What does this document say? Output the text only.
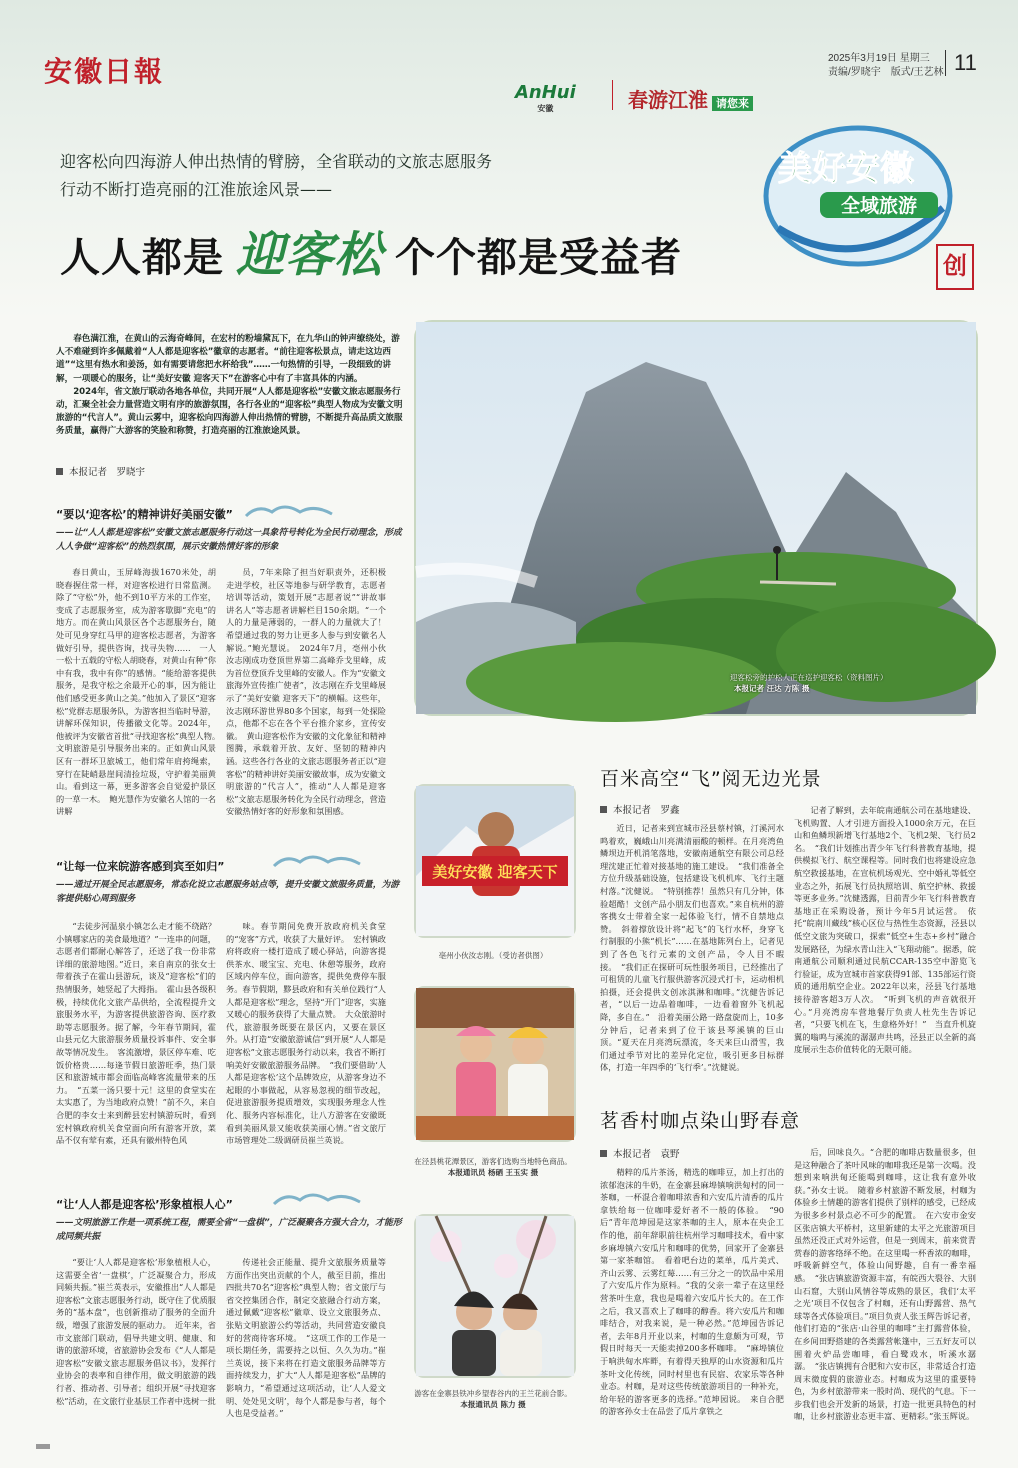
安徽日報	2025年3月19日 星期三
责编/罗晓宇　版式/王艺林 11
AnHui
安徽	春游江淮 请您来
美好安徽
全域旅游
创
迎客松向四海游人伸出热情的臂膀，全省联动的文旅志愿服务
行动不断打造亮丽的江淮旅途风景——
人人都是 迎客松 个个都是受益者

春色满江淮，在黄山的云海奇峰间，在宏村的粉墙黛瓦下，在九华山的钟声缭绕处，游人不难碰到许多佩戴着“人人都是迎客松”徽章的志愿者。“前往迎客松景点，请走这边西道”“这里有热水和姜汤，如有需要请您把水杯给我”……一句热情的引导，一段细致的讲解，一项暖心的服务，让“美好安徽 迎客天下”在游客心中有了丰富具体的内涵。

2024年，省文旅厅联动各地各单位，共同开展“人人都是迎客松”安徽文旅志愿服务行动，汇聚全社会力量营造文明有序的旅游氛围，各行各业的“迎客松”典型人物成为安徽文明旅游的“代言人”。黄山云雾中，迎客松向四海游人伸出热情的臂膀，不断提升高品质文旅服务质量，赢得广大游客的笑脸和称赞，打造亮丽的江淮旅途风景。

本报记者　罗晓宇
“要以‘迎客松’的精神讲好美丽安徽”
——让“人人都是迎客松”安徽文旅志愿服务行动这一具象符号转化为全民行动理念，形成人人争做“迎客松”的热烈氛围，展示安徽热情好客的形象
春日黄山，玉屏峰海拔1670米处，胡晓春握住常一样，对迎客松进行日常监测。除了“守松”外，他不到10平方米的工作室，变成了志愿服务室，成为游客歇脚“充电”的地方。而在黄山风景区各个志愿服务台，随处可见身穿红马甲的迎客松志愿者，为游客做好引导，提供咨询，找寻失物……　一人一松十五载的守松人胡晓春，对黄山有种“你中有我，我中有你”的感情。“能给游客提供服务，是我守松之余最开心的事，因为能让他们感受更多黄山之美。”他加入了景区“迎客松”党群志愿服务队，为游客担当临时导游，讲解环保知识，传播徽文化等。2024年，他被评为安徽省首批“寻找迎客松”典型人物。　文明旅游是引导服务出来的。正如黄山风景区有一群坏卫旅城工，他们常年肩挎绳索，穿行在陡峭悬崖间清捡垃圾，守护着美丽黄山。看到这一幕，更多游客会自觉爱护景区的一草一木。　鲍光慧作为安徽名人馆的一名讲解
员，7年来除了担当好职责外，还积极走进学校，社区等地参与研学教育，志愿者培训等活动，策划开展“志愿者说”“讲故事 讲名人”等志愿者讲解栏目150余期。“一个人的力量是薄弱的，一群人的力量就大了！希望通过我的努力让更多人参与到安徽名人解说。”鲍光慧说。　2024年7月，亳州小伙汝志刚成功登顶世界第二高峰乔戈里峰，成为首位登顶乔戈里峰的安徽人。作为“安徽文旅海外宣传推广使者”，汝志刚在乔戈里峰展示了“美好安徽 迎客天下”的横幅。这些年，汝志刚环游世界80多个国家，每到一处探险点，他都不忘在各个平台推介家乡，宣传安徽。　黄山迎客松作为安徽的文化象征和精神图腾，承载着开放、友好、坚韧的精神内涵。这些各行各业的文旅志愿服务者正以“迎客松”的精神讲好美丽安徽故事，成为安徽文明旅游的“代言人”，推动“人人都是迎客松”文旅志愿服务转化为全民行动理念，营造安徽热情好客的好形象和氛围感。
“让每一位来皖游客感到宾至如归”
——通过开展全民志愿服务，常态化设立志愿服务站点等，提升安徽文旅服务质量，为游客提供贴心周到服务
“去徒步河温泉小镇怎么走才能不绕路？小镇哪家店的美食最地道？”一连串的问题，志愿者们都耐心解答了，还送了我一份非常详细的旅游地图。”近日，来自南京的张女士带着孩子在霍山县游玩，谈及“迎客松”们的热情服务，她竖起了大拇指。　霍山县各级积极，持续优化文旅产品供给，全流程提升文旅服务水平，为游客提供旅游咨询、医疗救助等志愿服务。据了解，今年春节期间，霍山县元亿大旅游服务质量投诉事件、安全事故等情况发生。　客流激增，景区停车难、吃饭价格贵……每逢节假日旅游旺季，热门景区和旅游城市都会面临高峰客流量带来的压力。　“五菜一汤只要十元！这里的食堂实在太实惠了，为当地政府点赞！”前不久，来自合肥的李女士来到醉县宏村镇游玩时，看到宏村镇政府机关食堂面向所有游客开放，菜品不仅有荤有素，还具有徽州特色风
味。春节期间免费开放政府机关食堂的“宠客”方式，收获了大量好评。　宏村镇政府将政府一楼打造成了暖心驿站，向游客提供茶水、暖宝宝、充电、休憩等服务，政府区域内停车位，面向游客，提供免费停车服务。春节假期，黟县政府和有关单位践行“人人都是迎客松”理念，坚持“开门”迎客，实施又暖心的服务获得了大量点赞。　大众旅游时代，旅游服务既要在景区内，又要在景区外。从打造“安徽旅游诚信”到开展“人人都是迎客松”文旅志愿服务行动以来，我省不断打响美好安徽旅游服务品牌。　“我们要借助‘人人都是迎客松’这个品牌效应，从游客身边不起眼的小事做起，从容易忽视的细节改起，促进旅游服务提质增效，实现服务理念人性化、服务内容标准化，让八方游客在安徽既看到美丽风景又能收获美丽心情。”省文旅厅市场管理处二级调研员崔兰英说。
“让‘人人都是迎客松’形象植根人心”
——文明旅游工作是一项系统工程，需要全省“一盘棋”，广泛凝聚各方强大合力，才能形成同频共振
“要让‘人人都是迎客松’形象植根人心，这需要全省‘一盘棋’，广泛凝聚合力，形成同频共振。”崔兰英表示，安徽推出“人人都是迎客松”文旅志愿服务行动，既守住了优质服务的“基本盘”，也创新推动了服务的全面升级，增强了旅游发展的驱动力。　近年来，省市文旅部门联动，倡导共建文明、健康、和谐的旅游环境，省旅游协会发布《“人人都是迎客松”安徽文旅志愿服务倡议书》，发挥行业协会的表率和自律作用，做文明旅游的践行者、推动者、引导者；组织开展“寻找迎客松”活动，在文旅行业基层工作者中选树一批
传递社会正能量、提升文旅服务质量等方面作出突出贡献的个人，截至目前，推出四批共70名“迎客松”典型人物；省文旅厅与省交控集团合作，制定交旅融合行动方案，通过佩戴“迎客松”徽章、设立文旅服务点、张贴文明旅游公约等活动，共同营造安徽良好的营商待客环境。　“这项工作的工作是一项长期任务，需要持之以恒、久久为功。”崔兰英说，接下来将在打造文旅服务品牌等方面持续发力，扩大“人人都是迎客松”品牌的影响力，“希望通过这项活动，让‘人人爱文明、处处见文明’，每个人都是参与者，每个人也是受益者。”
迎客松旁的护松人正在巡护迎客松（资料图片）本报记者 汪达 方陈 摄
美好安徽 迎客天下
亳州小伙汝志刚。（受访者供图）
在泾县桃花潭景区，游客们选购当地特色商品。
本报通讯员 杨硒 王玉实 摄
游客在金寨县铁冲乡望春谷内的王兰花前合影。
本报通讯员 陈力 摄
百米高空“飞”阅无边光景
本报记者　罗鑫
近日，记者来到宣城市泾县蔡村镇，汀溪河水鸣着欢，巍峨山川亮满清丽酸的顿样。在月亮湾鱼鳞坝边开机消笔落地，安徽南通航空有限公司总经理沈建正忙着对接基地的施工建设。　“我们准备全方位升级基础设施，包括建设飞机机库、飞行主题村落。”沈健说。　“特别推荐！虽然只有几分钟，体验超酷！文创产品小朋友们也喜欢。”来自杭州的游客携女士带着全家一起体验飞行，情不自禁地点赞。　斜着撑放设计将“起飞”的飞行水杯，身穿飞行制服的小熊“机长”……在基地陈列台上，记者见到了各色飞行元素的文创产品，令人目不暇接。　“我们正在探研可玩性服务项目，已经推出了可租赁的儿童飞行服供游客沉浸式打卡，运动相机拍摄，还会提供文创冰淇淋和咖啡。”沈健告诉记者，“以后一边品着咖啡，一边看着窗外飞机起降，多自在。”　沿着美丽公路一路盘旋而上，10多分钟后，记者来到了位于该县琴溪镇的巨山顶。“夏天在月亮湾玩漂流，冬天来巨山滑雪，我们通过季节对比的差异化定位，吸引更多目标群体，打造一年四季的‘飞行季’。”沈健说。
记者了解到，去年皖南通航公司在基地建设、飞机购置、人才引进方面投入1000余万元，在巨山和鱼鳞坝新增飞行基地2个、飞机2架、飞行员2名。　“我们计划推出青少年飞行科普教育基地，提供模拟飞行、航空课程等。同时我们也将建设应急航空救援基地，在宣杭机场观光、空中婚礼等低空业态之外，拓展飞行员执照培训、航空护林、救援等更多业务。”沈健透露，目前青少年飞行科普教育基地正在采购设备，预计今年5月试运营。　依托“皖南川藏线”核心区位与热性生态资源，泾县以低空文旅为突破口，探索“低空+生态+乡村”融合发展路径，为绿水青山注入“飞翔动能”。据悉，皖南通航公司顺利通过民航CCAR-135空中游览飞行验证，成为宣城市首家获得91部、135部运行资质的通用航空企业。2022年以来，泾县飞行基地接待游客超3万人次。　“听到飞机的声音就很开心。”月亮湾房车营地餐厅负责人杜先生告诉记者，“只要飞机在飞，生意格外好！”　当直升机旋翼的嗡鸣与溪流的潺潺声共鸣，泾县正以全新的高度展示生态价值转化的无限可能。
茗香村咖点染山野春意
本报记者　袁野
精粹的瓜片茶汤，精选的咖啡豆，加上打出的浓郁泡沫的牛奶，在金寨县麻埠镇响洪甸村的同一茶咖，一杯混合着咖啡浓香和六安瓜片清香的瓜片拿铁给每一位咖啡爱好者不一般的体验。　“90后”青年范坤园是这家茶咖的主人，原本在央企工作的他，前年辞职前往杭州学习咖啡技术，看中家乡麻埠镇六安瓜片和咖啡的优势，回家开了金寨县第一家茶咖馆。　看着吧台边的菜单，瓜片美式、齐山云雾、云雾红莓……有三分之一的饮品中采用了六安瓜片作为原料。“我的父亲一辈子在这里经营茶叶生意，我也是喝着六安瓜片长大的。在工作之后，我又喜欢上了咖啡的醇香。将六安瓜片和咖啡结合，对我来说，是一种必然。”范坤园告诉记者，去年8月开业以来，村咖的生意颇为可观，节假日时每天一天能卖掉200多杯咖啡。　“麻埠镇位于响洪甸水库畔，有着得天独厚的山水资源和瓜片茶叶文化传统，同时村里也有民宿、农家乐等各种业态。村咖，是对这些传统旅游项目的一种补充，给年轻的游客更多的选择。”范坤园说。　来自合肥的游客孙女士在品尝了瓜片拿铁之
后，回味良久。“合肥的咖啡店数量很多，但是这种融合了茶叶风味的咖啡我还是第一次喝。没想到来响洪甸还能喝到咖啡，这让我有意外收获。”孙女士说。　随着乡村旅游不断发展，村咖为体验乡土情趣的游客们提供了别样的感受，已经成为很多乡村景点必不可少的配置。　在六安市金安区张店镇大平桥村，这里新建的太平之光旅游项目虽然还没正式对外运营，但是一到周末，前来赏青赏春的游客络绎不绝。在这里喝一杯香浓的咖啡，呼吸新鲜空气，体验山间野趣，自有一番幸福感。　“张店镇旅游资源丰富，有皖西大裂谷、大别山石窟，大别山风情谷等成熟的景区，我们‘太平之光’项目不仅包含了村咖，还有山野露营、热气球等各式体验项目。”项目负责人张玉辉告诉记者，他们打造的“张店·山谷里的咖啡”主打露营体验，在乡间田野搭建的各类露营帐篷中，三五好友可以围着火炉品尝咖啡，看白鹭戏水，听溪水潺潺。　“张店镇拥有合肥和六安市区，非常适合打造周末微度假的旅游业态。村咖成为这里的重要特色，为乡村旅游带来一股时尚、现代的气息。下一步我们也会开发新的场景，打造一批更具特色的村咖，让乡村旅游业态更丰富、更精彩。”张玉辉说。
